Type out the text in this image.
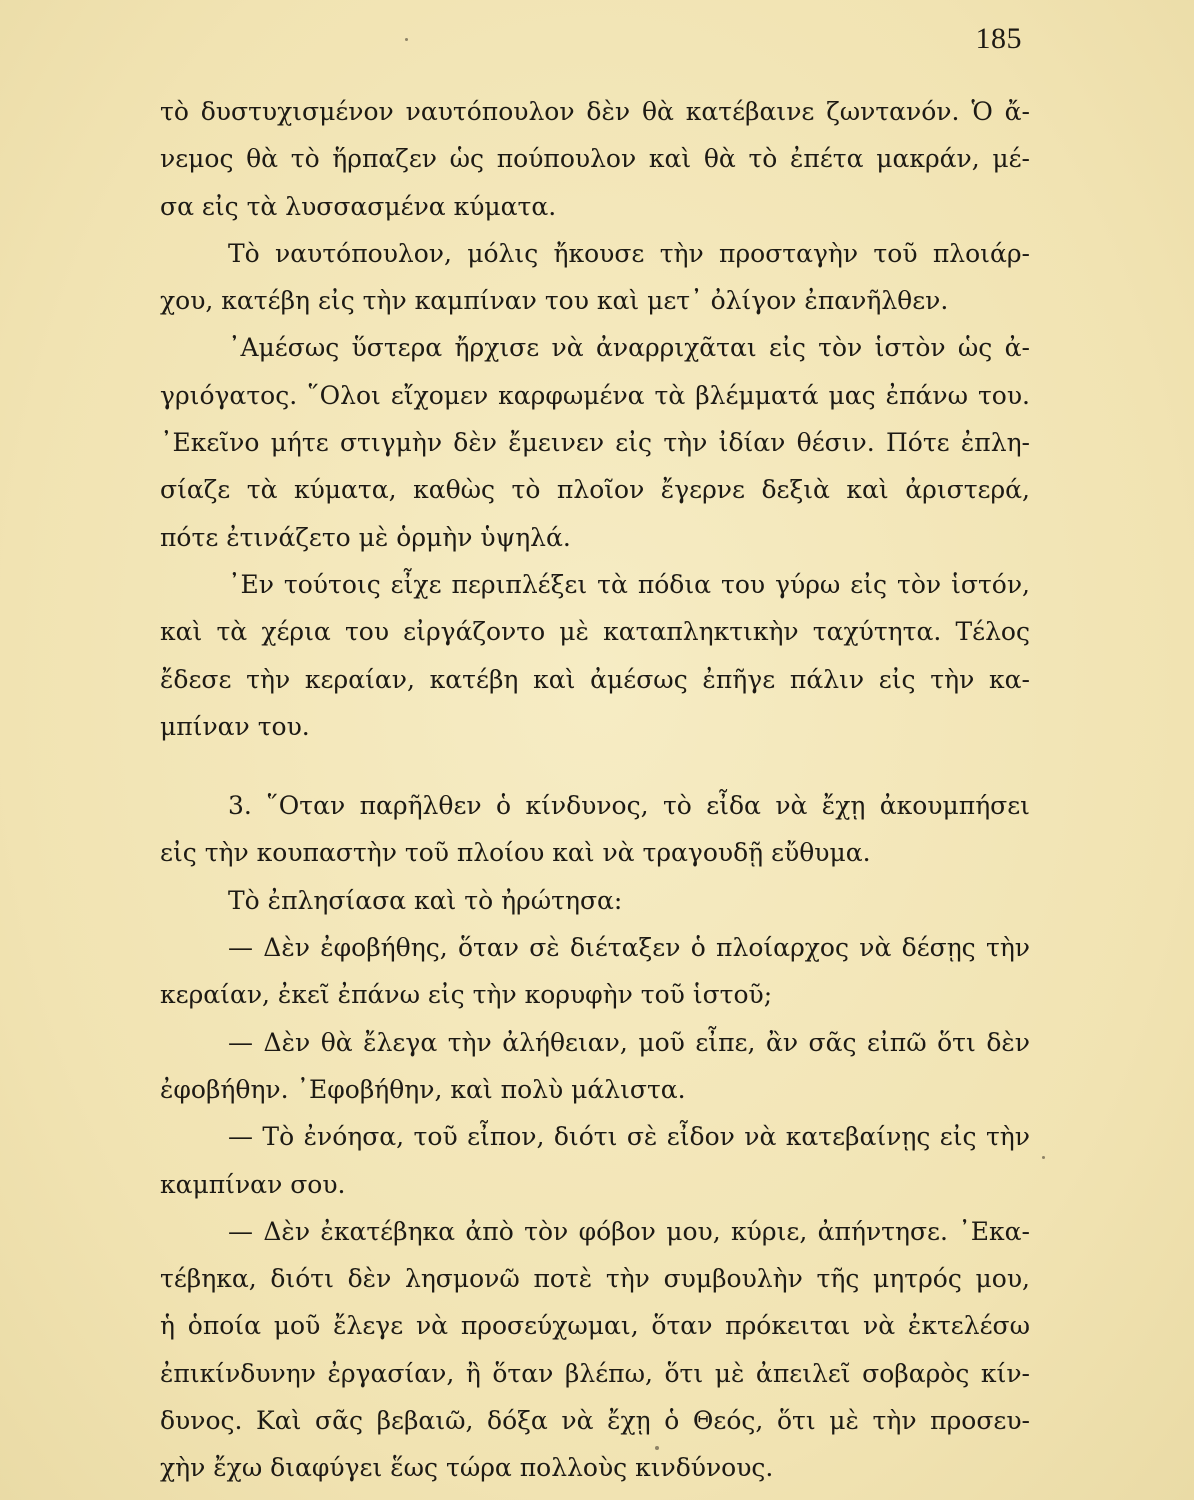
185
τὸ δυστυχισμένον ναυτόπουλον δὲν θὰ κατέβαινε ζωντανόν. Ὁ ἄ-
νεμος θὰ τὸ ἥρπαζεν ὡς πούπουλον καὶ θὰ τὸ ἐπέτα μακράν, μέ-
σα εἰς τὰ λυσσασμένα κύματα.
Τὸ ναυτόπουλον, μόλις ἤκουσε τὴν προσταγὴν τοῦ πλοιάρ-
χου, κατέβη εἰς τὴν καμπίναν του καὶ μετ᾽ ὀλίγον ἐπανῆλθεν.
᾽Αμέσως ὕστερα ἤρχισε νὰ ἀναρριχᾶται εἰς τὸν ἱστὸν ὡς ἀ-
γριόγατος. ῞Ολοι εἴχομεν καρφωμένα τὰ βλέμματά μας ἐπάνω του.
᾽Εκεῖνο μήτε στιγμὴν δὲν ἔμεινεν εἰς τὴν ἰδίαν θέσιν. Πότε ἐπλη-
σίαζε τὰ κύματα, καθὼς τὸ πλοῖον ἔγερνε δεξιὰ καὶ ἀριστερά,
πότε ἐτινάζετο μὲ ὁρμὴν ὑψηλά.
᾽Εν τούτοις εἶχε περιπλέξει τὰ πόδια του γύρω εἰς τὸν ἱστόν,
καὶ τὰ χέρια του εἰργάζοντο μὲ καταπληκτικὴν ταχύτητα. Τέλος
ἔδεσε τὴν κεραίαν, κατέβη καὶ ἀμέσως ἐπῆγε πάλιν εἰς τὴν κα-
μπίναν του.
3. ῞Οταν παρῆλθεν ὁ κίνδυνος, τὸ εἶδα νὰ ἔχῃ ἀκουμπήσει
εἰς τὴν κουπαστὴν τοῦ πλοίου καὶ νὰ τραγουδῇ εὔθυμα.
Τὸ ἐπλησίασα καὶ τὸ ἠρώτησα:
— Δὲν ἐφοβήθης, ὅταν σὲ διέταξεν ὁ πλοίαρχος νὰ δέσῃς τὴν
κεραίαν, ἐκεῖ ἐπάνω εἰς τὴν κορυφὴν τοῦ ἱστοῦ;
— Δὲν θὰ ἔλεγα τὴν ἀλήθειαν, μοῦ εἶπε, ἂν σᾶς εἰπῶ ὅτι δὲν
ἐφοβήθην. ᾽Εφοβήθην, καὶ πολὺ μάλιστα.
— Τὸ ἐνόησα, τοῦ εἶπον, διότι σὲ εἶδον νὰ κατεβαίνῃς εἰς τὴν
καμπίναν σου.
— Δὲν ἐκατέβηκα ἀπὸ τὸν φόβον μου, κύριε, ἀπήντησε. ᾽Εκα-
τέβηκα, διότι δὲν λησμονῶ ποτὲ τὴν συμβουλὴν τῆς μητρός μου,
ἡ ὁποία μοῦ ἔλεγε νὰ προσεύχωμαι, ὅταν πρόκειται νὰ ἐκτελέσω
ἐπικίνδυνην ἐργασίαν, ἢ ὅταν βλέπω, ὅτι μὲ ἀπειλεῖ σοβαρὸς κίν-
δυνος. Καὶ σᾶς βεβαιῶ, δόξα νὰ ἔχῃ ὁ Θεός, ὅτι μὲ τὴν προσευ-
χὴν ἔχω διαφύγει ἕως τώρα πολλοὺς κινδύνους.
